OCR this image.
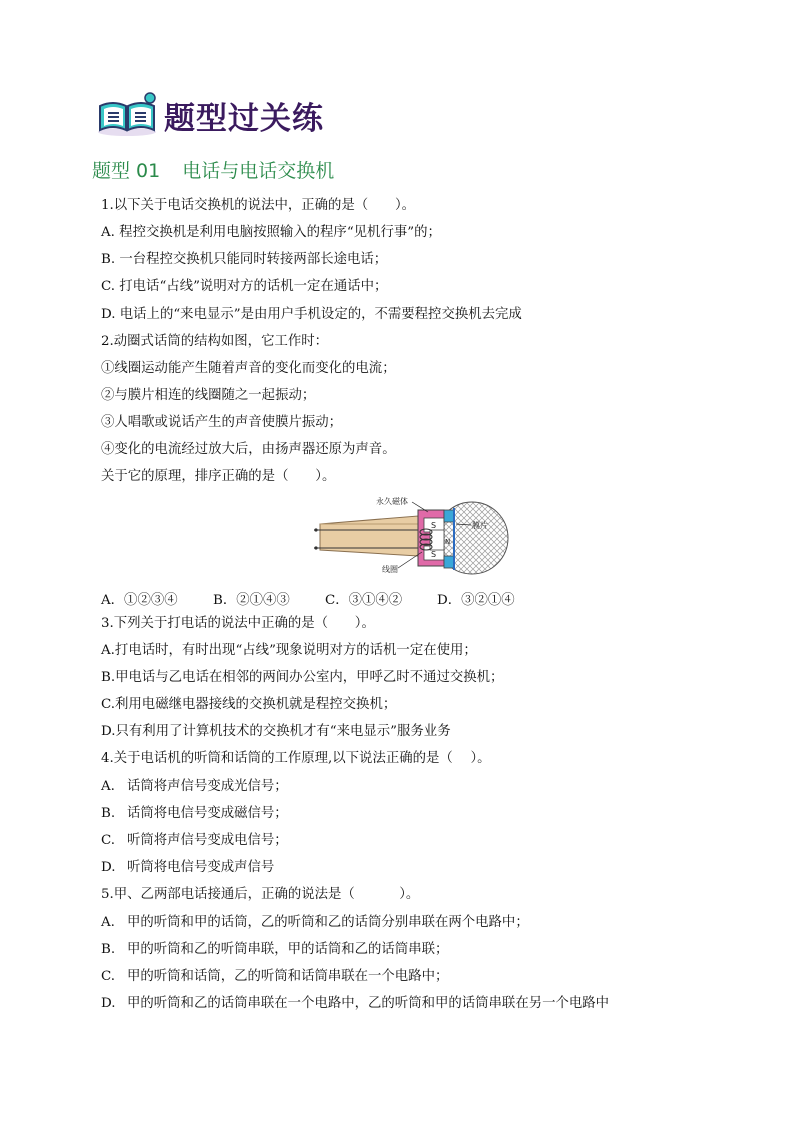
题型过关练
题型 01 电话与电话交换机
1.以下关于电话交换机的说法中，正确的是（　　）。
A. 程控交换机是利用电脑按照输入的程序“见机行事”的；
B. 一台程控交换机只能同时转接两部长途电话；
C. 打电话“占线”说明对方的话机一定在通话中；
D. 电话上的“来电显示”是由用户手机设定的，不需要程控交换机去完成
2.动圈式话筒的结构如图，它工作时：
①线圈运动能产生随着声音的变化而变化的电流；
②与膜片相连的线圈随之一起振动；
③人唱歌或说话产生的声音使膜片振动；
④变化的电流经过放大后，由扬声器还原为声音。
关于它的原理，排序正确的是（　　）。
永久磁体
膜片
线圈
S
S
N
A．①②③④	B．②①④③	C．③①④②	D．③②①④
3.下列关于打电话的说法中正确的是（　　）。
A.打电话时，有时出现“占线”现象说明对方的话机一定在使用；
B.甲电话与乙电话在相邻的两间办公室内，甲呼乙时不通过交换机；
C.利用电磁继电器接线的交换机就是程控交换机；
D.只有利用了计算机技术的交换机才有“来电显示”服务业务
4.关于电话机的听筒和话筒的工作原理,以下说法正确的是（　 ）。
A. 话筒将声信号变成光信号；
B. 话筒将电信号变成磁信号；
C. 听筒将声信号变成电信号；
D. 听筒将电信号变成声信号
5.甲、乙两部电话接通后，正确的说法是（　　　 ）。
A. 甲的听筒和甲的话筒，乙的听筒和乙的话筒分别串联在两个电路中；
B. 甲的听筒和乙的听筒串联，甲的话筒和乙的话筒串联；
C. 甲的听筒和话筒，乙的听筒和话筒串联在一个电路中；
D. 甲的听筒和乙的话筒串联在一个电路中，乙的听筒和甲的话筒串联在另一个电路中
